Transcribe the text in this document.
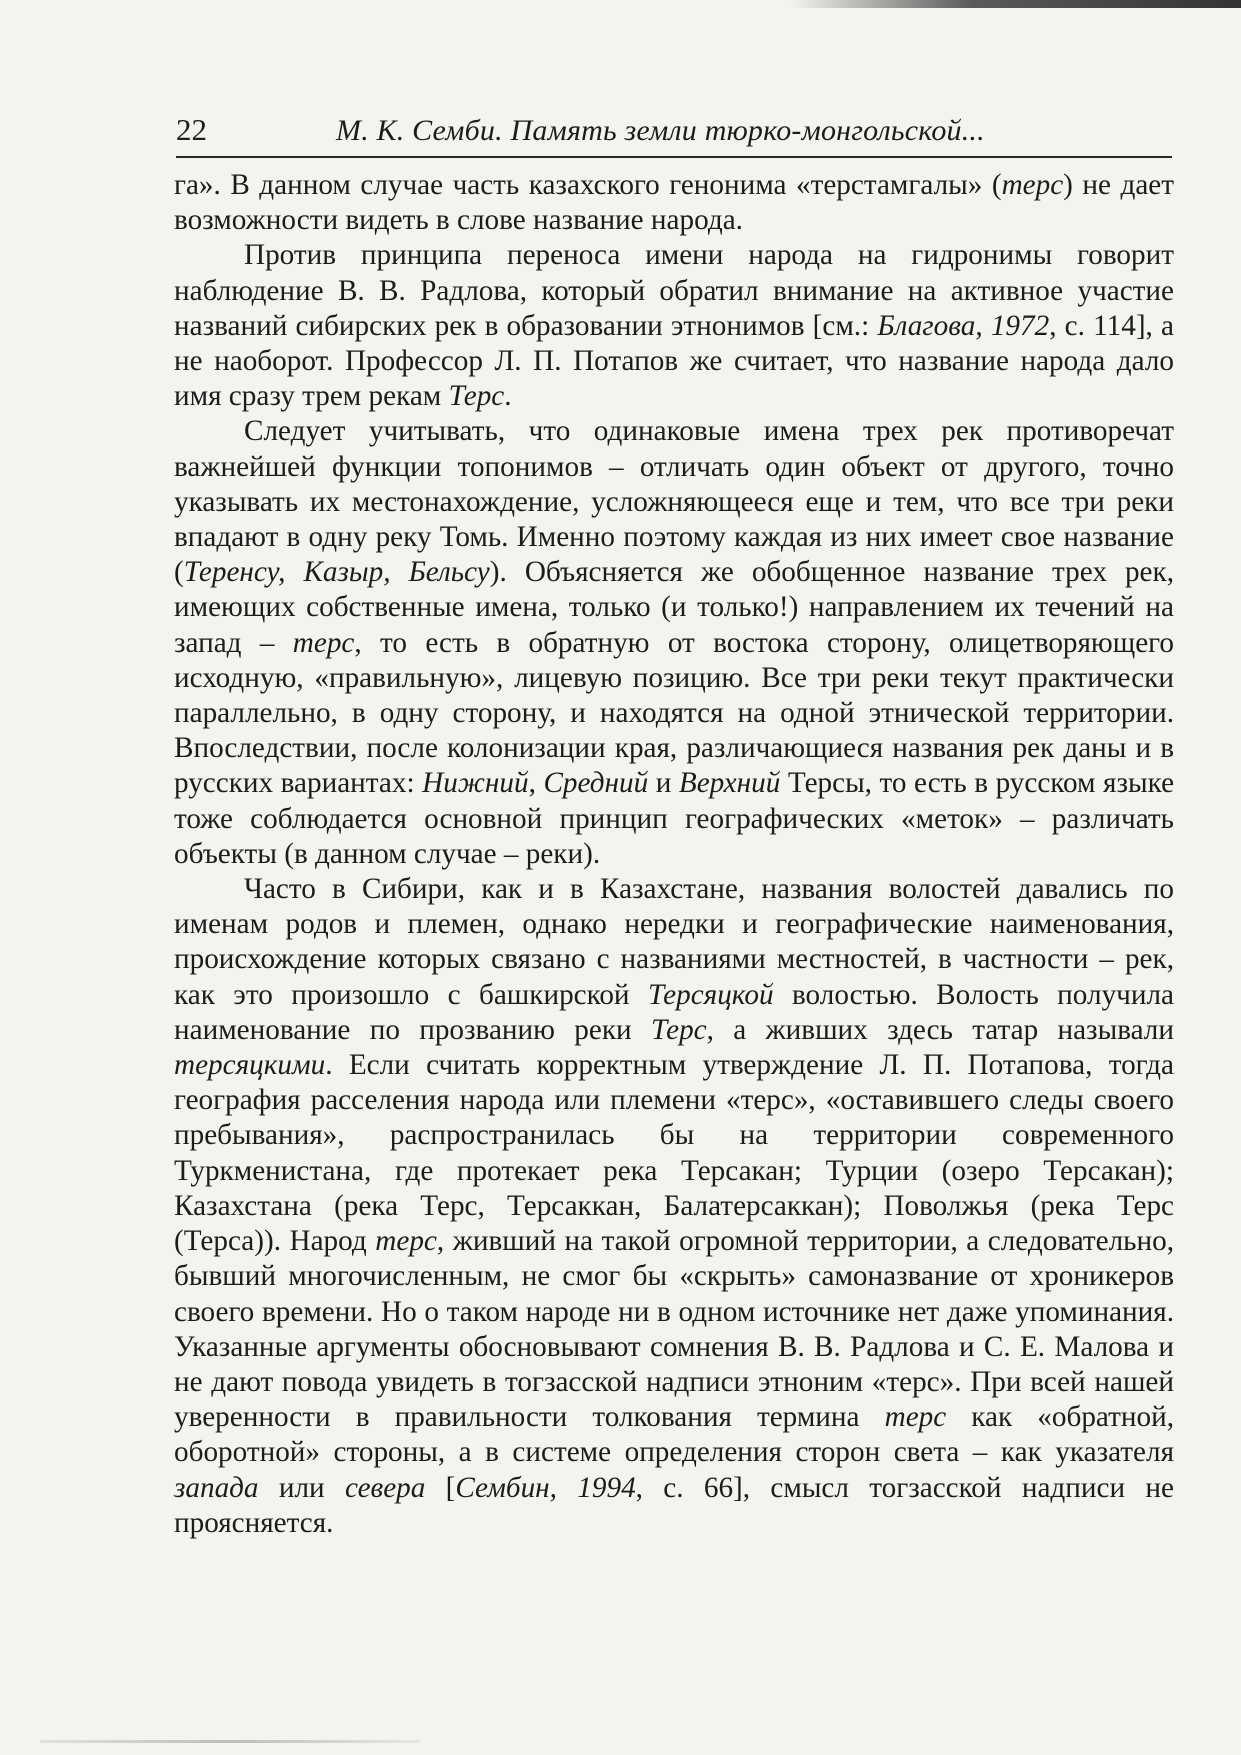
22	М. К. Семби. Память земли тюрко-монгольской...

га». В данном случае часть казахского генонима «терстамгалы» (терс) не дает возможности видеть в слове название народа.

Против принципа переноса имени народа на гидронимы говорит наблюдение В. В. Радлова, который обратил внимание на активное участие названий сибирских рек в образовании этнонимов [см.: Благова, 1972, с. 114], а не наоборот. Профессор Л. П. Потапов же считает, что название народа дало имя сразу трем рекам Терс.

Следует учитывать, что одинаковые имена трех рек противоречат важнейшей функции топонимов – отличать один объект от другого, точно указывать их местонахождение, усложняющееся еще и тем, что все три реки впадают в одну реку Томь. Именно поэтому каждая из них имеет свое название (Теренсу, Казыр, Бельсу). Объясняется же обобщенное название трех рек, имеющих собственные имена, только (и только!) направлением их течений на запад – терс, то есть в обратную от востока сторону, олицетворяющего исходную, «правильную», лицевую позицию. Все три реки текут практически параллельно, в одну сторону, и находятся на одной этнической территории. Впоследствии, после колонизации края, различающиеся названия рек даны и в русских вариантах: Нижний, Средний и Верхний Терсы, то есть в русском языке тоже соблюдается основной принцип географических «меток» – различать объекты (в данном случае – реки).

Часто в Сибири, как и в Казахстане, названия волостей давались по именам родов и племен, однако нередки и географические наименования, происхождение которых связано с названиями местностей, в частности – рек, как это произошло с башкирской Терсяцкой волостью. Волость получила наименование по прозванию реки Терс, а живших здесь татар называли терсяцкими. Если считать корректным утверждение Л. П. Потапова, тогда география расселения народа или племени «терс», «оставившего следы своего пребывания», распространилась бы на территории современного Туркменистана, где протекает река Терсакан; Турции (озеро Терсакан); Казахстана (река Терс, Терсаккан, Балатерсаккан); Поволжья (река Терс (Терса)). Народ терс, живший на такой огромной территории, а следовательно, бывший многочисленным, не смог бы «скрыть» самоназвание от хроникеров своего времени. Но о таком народе ни в одном источнике нет даже упоминания. Указанные аргументы обосновывают сомнения В. В. Радлова и С. Е. Малова и не дают повода увидеть в тогзасской надписи этноним «терс». При всей нашей уверенности в правильности толкования термина терс как «обратной, оборотной» стороны, а в системе определения сторон света – как указателя запада или севера [Сембин, 1994, с. 66], смысл тогзасской надписи не проясняется.
